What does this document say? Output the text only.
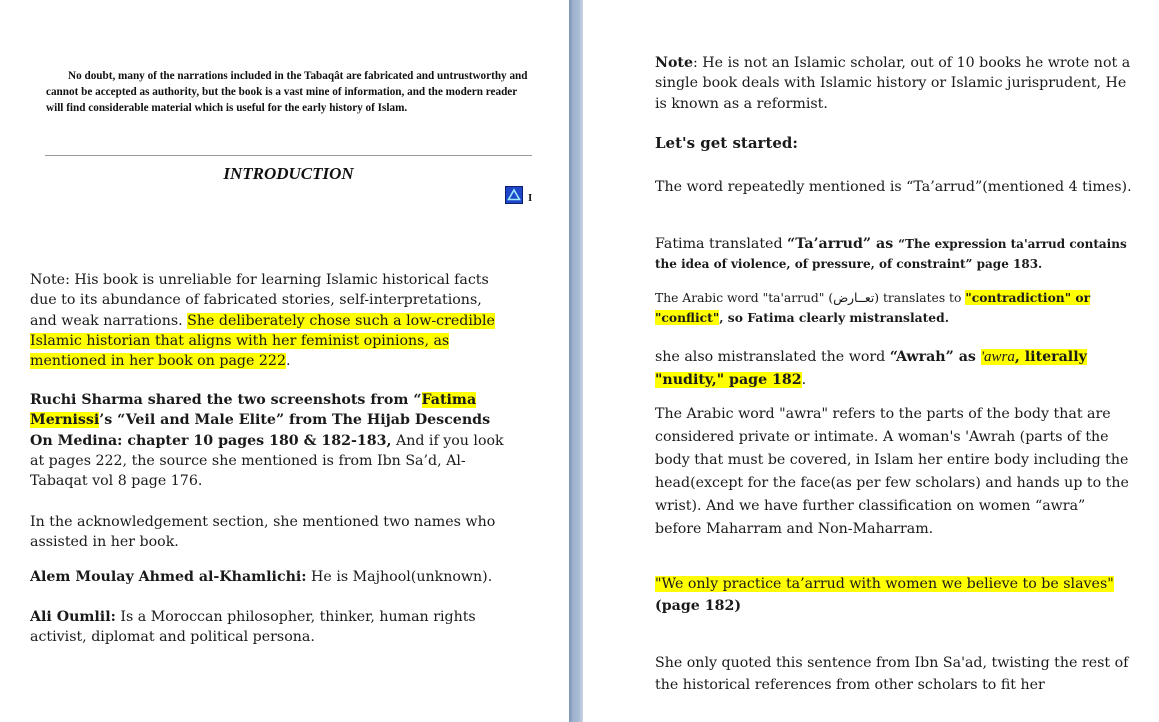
No doubt, many of the narrations included in the Tabaqât are fabricated and untrustworthy and cannot be accepted as authority, but the book is a vast mine of information, and the modern reader will find considerable material which is useful for the early history of Islam.

INTRODUCTION
I

Note: His book is unreliable for learning Islamic historical facts due to its abundance of fabricated stories, self-interpretations, and weak narrations. She deliberately chose such a low-credible Islamic historian that aligns with her feminist opinions, as mentioned in her book on page 222.

Ruchi Sharma shared the two screenshots from “Fatima Mernissi’s “Veil and Male Elite” from The Hijab Descends On Medina: chapter 10 pages 180 & 182-183, And if you look at pages 222, the source she mentioned is from Ibn Sa’d, Al-Tabaqat vol 8 page 176.

In the acknowledgement section, she mentioned two names who assisted in her book.

Alem Moulay Ahmed al-Khamlichi: He is Majhool(unknown).

Ali Oumlil: Is a Moroccan philosopher, thinker, human rights activist, diplomat and political persona.

Note: He is not an Islamic scholar, out of 10 books he wrote not a single book deals with Islamic history or Islamic jurisprudent, He is known as a reformist.

Let's get started:

The word repeatedly mentioned is “Ta’arrud”(mentioned 4 times).

Fatima translated “Ta’arrud” as “The expression ta'arrud contains the idea of violence, of pressure, of constraint” page 183.

The Arabic word "ta'arrud" (تعــارض) translates to "contradiction" or "conflict", so Fatima clearly mistranslated.

she also mistranslated the word “Awrah” as 'awra, literally "nudity," page 182.

The Arabic word "awra" refers to the parts of the body that are considered private or intimate. A woman's 'Awrah (parts of the body that must be covered, in Islam her entire body including the head(except for the face(as per few scholars) and hands up to the wrist). And we have further classification on women “awra” before Maharram and Non-Maharram.

"We only practice ta’arrud with women we believe to be slaves"(page 182)

She only quoted this sentence from Ibn Sa'ad, twisting the rest of the historical references from other scholars to fit her
